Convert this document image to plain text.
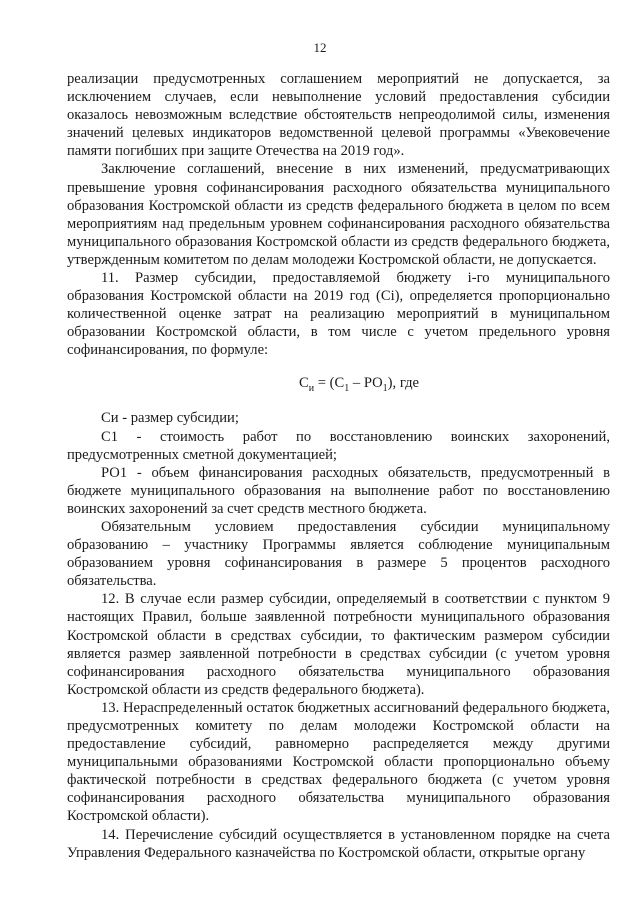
12

реализации предусмотренных соглашением мероприятий не допускается, за исключением случаев, если невыполнение условий предоставления субсидии оказалось невозможным вследствие обстоятельств непреодолимой силы, изменения значений целевых индикаторов ведомственной целевой программы «Увековечение памяти погибших при защите Отечества на 2019 год».

Заключение соглашений, внесение в них изменений, предусматривающих превышение уровня софинансирования расходного обязательства муниципального образования Костромской области из средств федерального бюджета в целом по всем мероприятиям над предельным уровнем софинансирования расходного обязательства муниципального образования Костромской области из средств федерального бюджета, утвержденным комитетом по делам молодежи Костромской области, не допускается.

11. Размер субсидии, предоставляемой бюджету i-го муниципального образования Костромской области на 2019 год (Ci), определяется пропорционально количественной оценке затрат на реализацию мероприятий в муниципальном образовании Костромской области, в том числе с учетом предельного уровня софинансирования, по формуле:

$С_и = (С_1 - РО_1)$, где

Си - размер субсидии;

С1 - стоимость работ по восстановлению воинских захоронений, предусмотренных сметной документацией;

РО1 - объем финансирования расходных обязательств, предусмотренный в бюджете муниципального образования на выполнение работ по восстановлению воинских захоронений за счет средств местного бюджета.

Обязательным условием предоставления субсидии муниципальному образованию – участнику Программы является соблюдение муниципальным образованием уровня софинансирования в размере 5 процентов расходного обязательства.

12. В случае если размер субсидии, определяемый в соответствии с пунктом 9 настоящих Правил, больше заявленной потребности муниципального образования Костромской области в средствах субсидии, то фактическим размером субсидии является размер заявленной потребности в средствах субсидии (с учетом уровня софинансирования расходного обязательства муниципального образования Костромской области из средств федерального бюджета).

13. Нераспределенный остаток бюджетных ассигнований федерального бюджета, предусмотренных комитету по делам молодежи Костромской области на предоставление субсидий, равномерно распределяется между другими муниципальными образованиями Костромской области пропорционально объему фактической потребности в средствах федерального бюджета (с учетом уровня софинансирования расходного обязательства муниципального образования Костромской области).

14. Перечисление субсидий осуществляется в установленном порядке на счета Управления Федерального казначейства по Костромской области, открытые органу
